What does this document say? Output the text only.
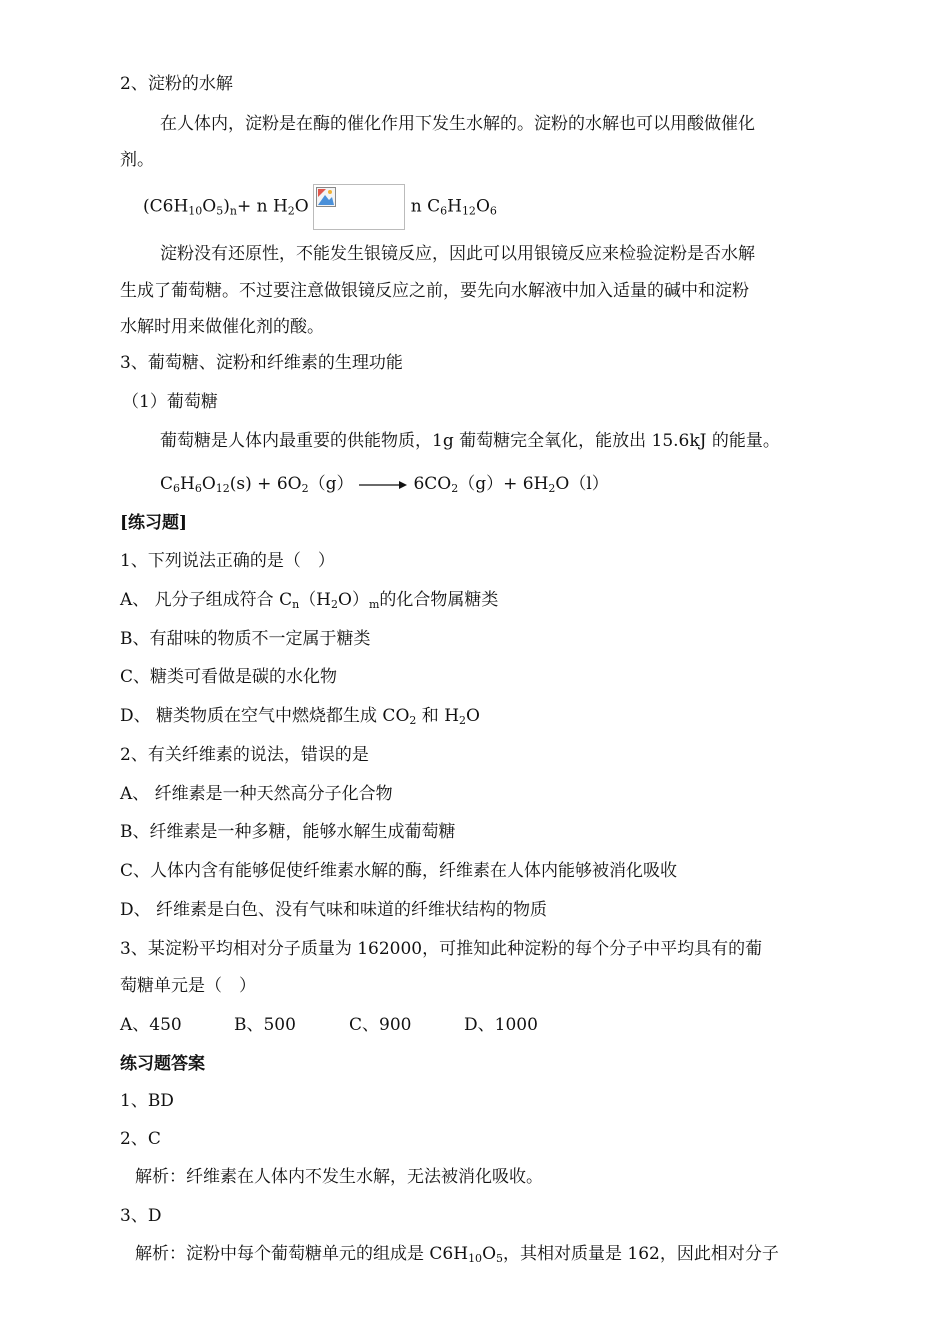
2、淀粉的水解
在人体内，淀粉是在酶的催化作用下发生水解的。淀粉的水解也可以用酸做催化
剂。
$(C6H_{10}O_5)_n+ n$ $H_2O$	n $C_6H_{12}O_6$
淀粉没有还原性，不能发生银镜反应，因此可以用银镜反应来检验淀粉是否水解
生成了葡萄糖。不过要注意做银镜反应之前，要先向水解液中加入适量的碱中和淀粉
水解时用来做催化剂的酸。
3、葡萄糖、淀粉和纤维素的生理功能
（1）葡萄糖
葡萄糖是人体内最重要的供能物质，1g 葡萄糖完全氧化，能放出 15.6kJ 的能量。
$C_6H_6O_{12}(s) + 6O_2(g) \to 6CO_2(g)+ 6H_2O(l)$
[练习题]
1、下列说法正确的是（　）
A、 凡分子组成符合 $C_n(H_2O)_m$的化合物属糖类
B、有甜味的物质不一定属于糖类
C、糖类可看做是碳的水化物
D、 糖类物质在空气中燃烧都生成 $CO_2$ 和 $H_2O$
2、有关纤维素的说法，错误的是
A、 纤维素是一种天然高分子化合物
B、纤维素是一种多糖，能够水解生成葡萄糖
C、人体内含有能够促使纤维素水解的酶，纤维素在人体内能够被消化吸收
D、 纤维素是白色、没有气味和味道的纤维状结构的物质
3、某淀粉平均相对分子质量为 162000，可推知此种淀粉的每个分子中平均具有的葡
萄糖单元是（　）
A、450	B、500	C、900	D、1000
练习题答案
1、BD
2、C
解析：纤维素在人体内不发生水解，无法被消化吸收。
3、D
解析：淀粉中每个葡萄糖单元的组成是 $C6H_{10}O_5$，其相对质量是 162，因此相对分子
